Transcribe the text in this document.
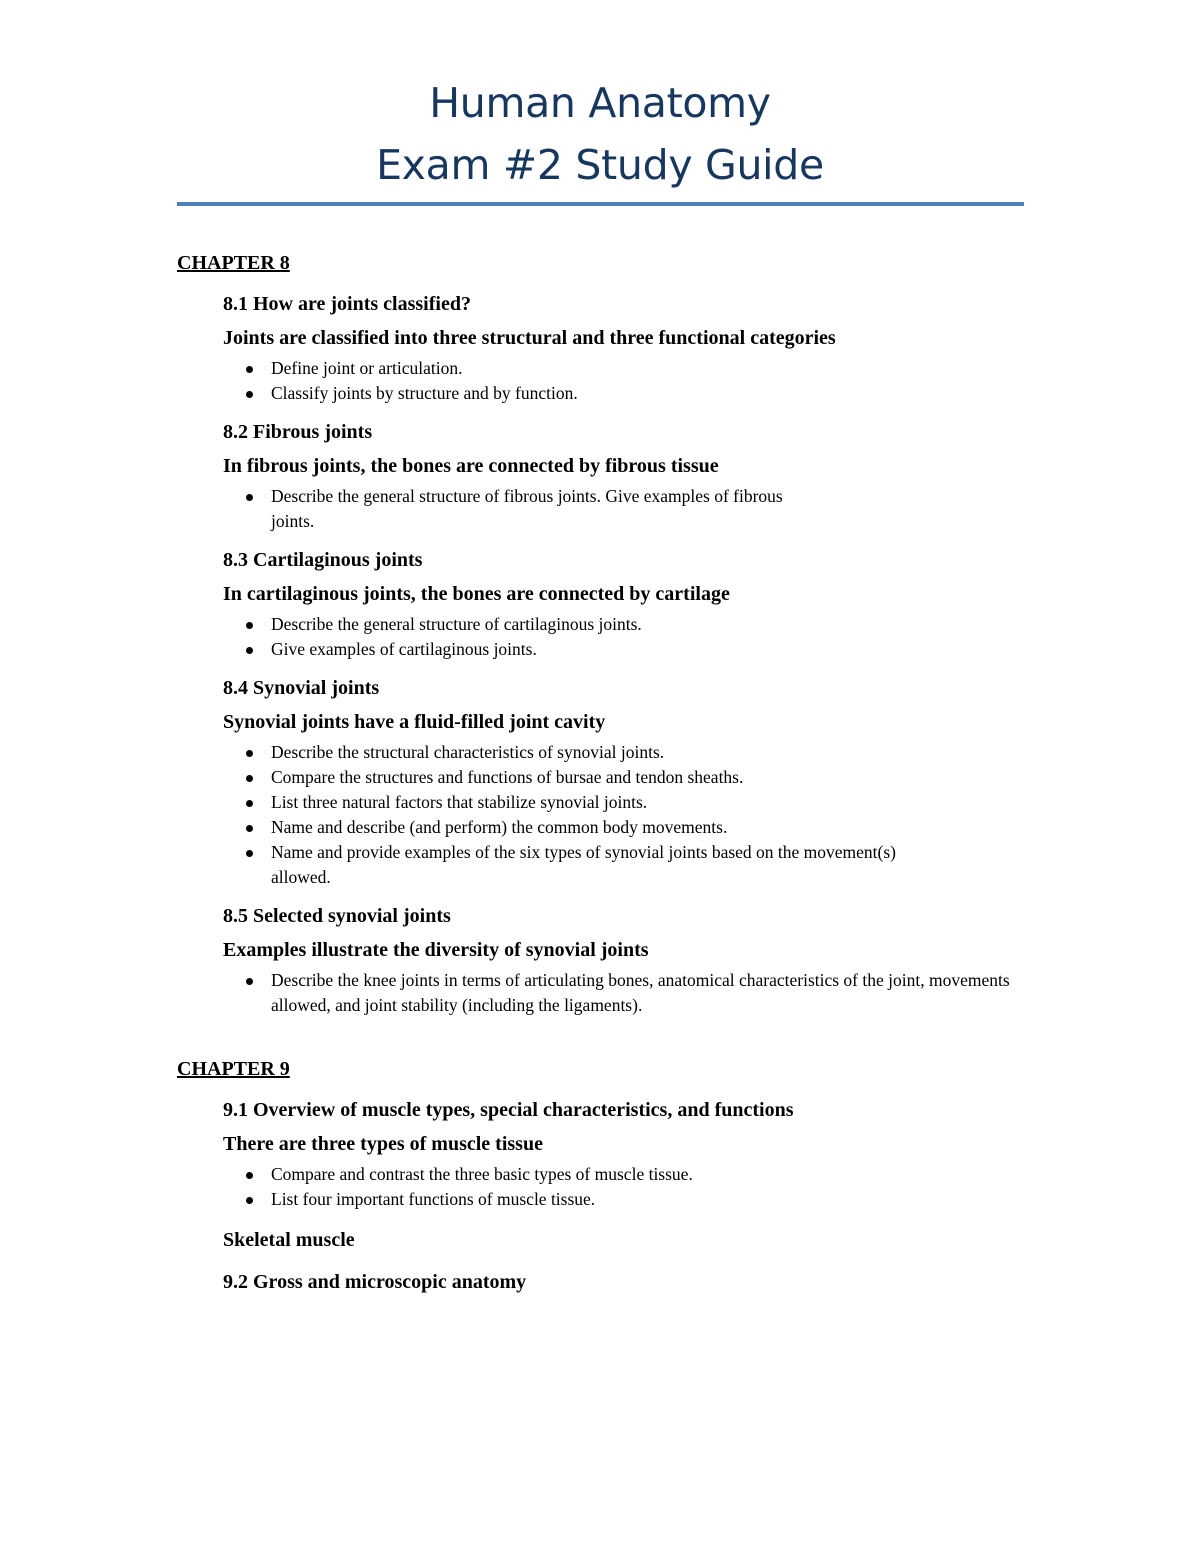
Human Anatomy
Exam #2 Study Guide
CHAPTER 8
8.1 How are joints classified?
Joints are classified into three structural and three functional categories
Define joint or articulation.
Classify joints by structure and by function.
8.2 Fibrous joints
In fibrous joints, the bones are connected by fibrous tissue
Describe the general structure of fibrous joints. Give examples of fibrous joints.
8.3 Cartilaginous joints
In cartilaginous joints, the bones are connected by cartilage
Describe the general structure of cartilaginous joints.
Give examples of cartilaginous joints.
8.4 Synovial joints
Synovial joints have a fluid-filled joint cavity
Describe the structural characteristics of synovial joints.
Compare the structures and functions of bursae and tendon sheaths.
List three natural factors that stabilize synovial joints.
Name and describe (and perform) the common body movements.
Name and provide examples of the six types of synovial joints based on the movement(s) allowed.
8.5 Selected synovial joints
Examples illustrate the diversity of synovial joints
Describe the knee joints in terms of articulating bones, anatomical characteristics of the joint, movements allowed, and joint stability (including the ligaments).
CHAPTER 9
9.1 Overview of muscle types, special characteristics, and functions
There are three types of muscle tissue
Compare and contrast the three basic types of muscle tissue.
List four important functions of muscle tissue.
Skeletal muscle
9.2 Gross and microscopic anatomy
